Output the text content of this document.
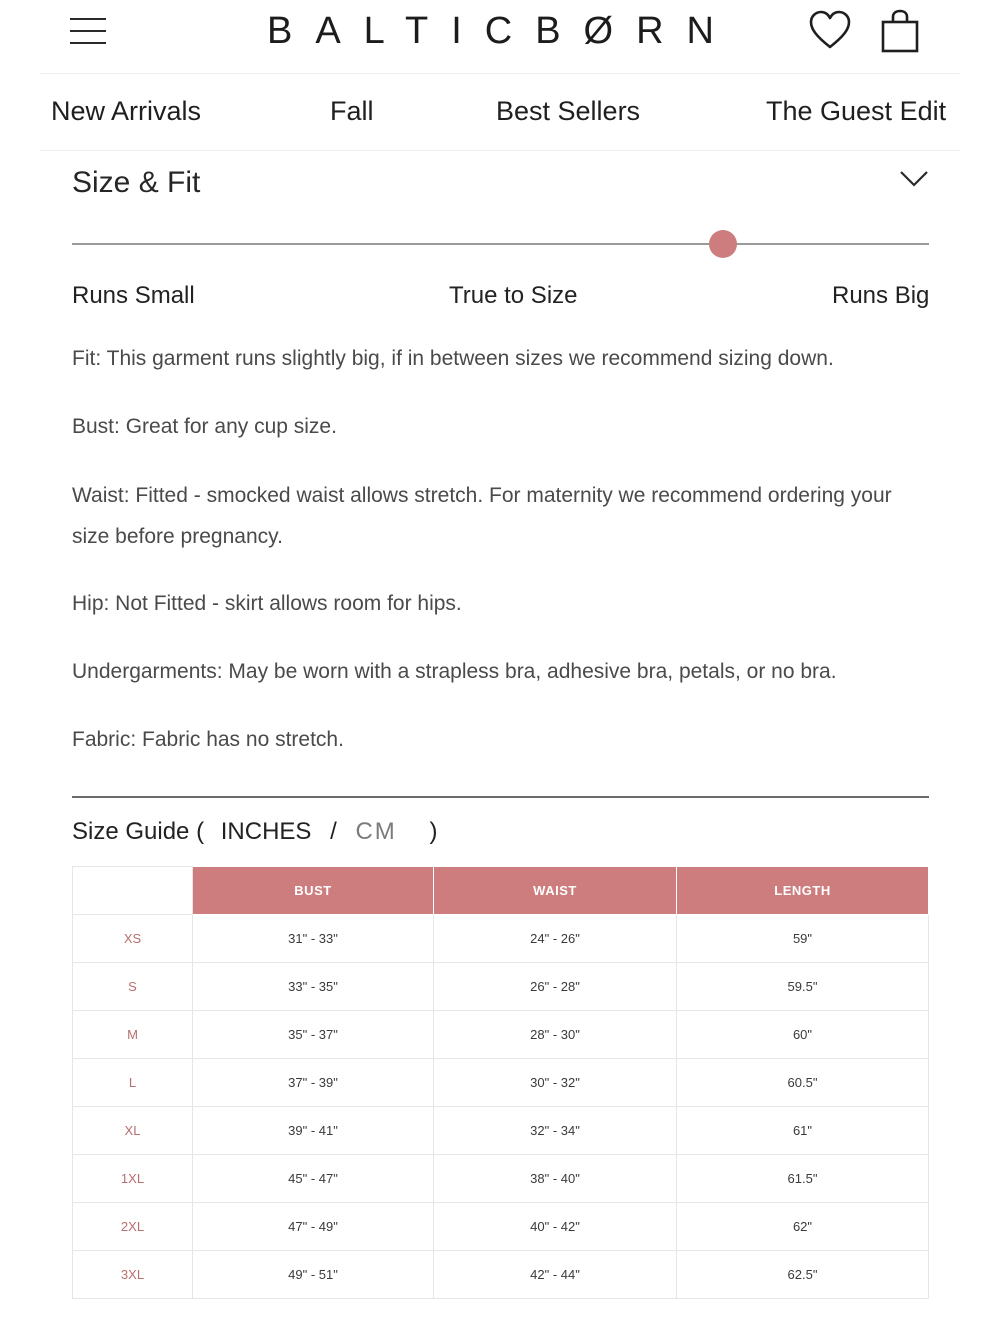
BALTICBØRN
New Arrivals	Fall	Best Sellers	The Guest Edit
Size & Fit
Runs Small	True to Size	Runs Big
Fit: This garment runs slightly big, if in between sizes we recommend sizing down.
Bust: Great for any cup size.
Waist: Fitted - smocked waist allows stretch. For maternity we recommend ordering your size before pregnancy.
Hip: Not Fitted - skirt allows room for hips.
Undergarments: May be worn with a strapless bra, adhesive bra, petals, or no bra.
Fabric: Fabric has no stretch.
Size Guide ( INCHES / CM )
	BUST	WAIST	LENGTH
XS	31" - 33"	24" - 26"	59"
S	33" - 35"	26" - 28"	59.5"
M	35" - 37"	28" - 30"	60"
L	37" - 39"	30" - 32"	60.5"
XL	39" - 41"	32" - 34"	61"
1XL	45" - 47"	38" - 40"	61.5"
2XL	47" - 49"	40" - 42"	62"
3XL	49" - 51"	42" - 44"	62.5"
